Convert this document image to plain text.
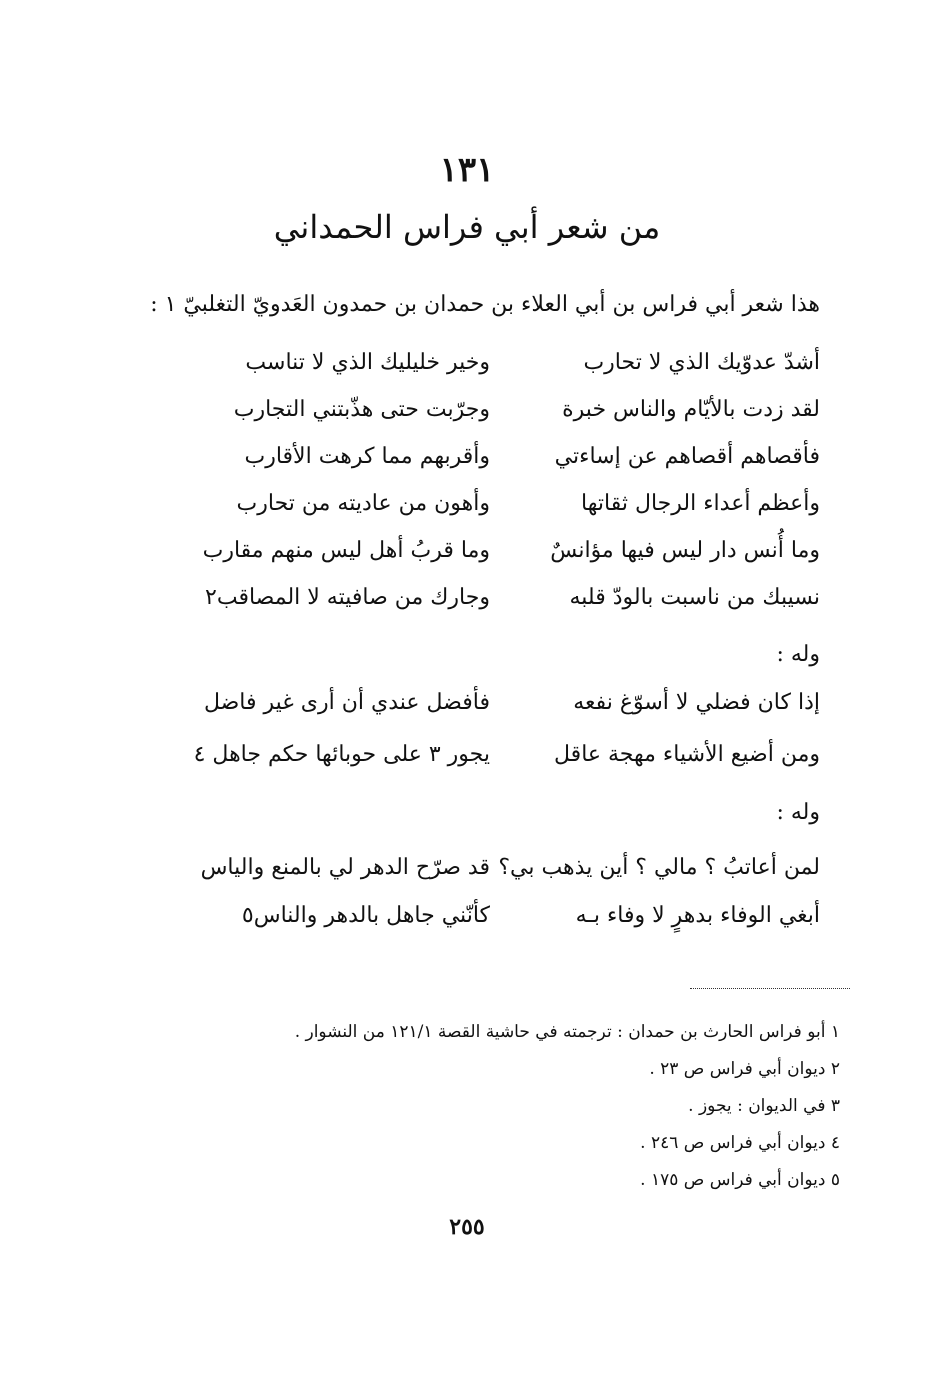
١٣١
من شعر أبي فراس الحمداني
هذا شعر أبي فراس بن أبي العلاء بن حمدان بن حمدون العَدويّ التغلبيّ ١ :
أشدّ عدوّيك الذي لا تحارب
وخير خليليك الذي لا تناسب
لقد زدت بالأيّام والناس خبرة
وجرّبت حتى هذّبتني التجارب
فأقصاهم أقصاهم عن إساءتي
وأقربهم مما كرهت الأقارب
وأعظم أعداء الرجال ثقاتها
وأهون من عاديته من تحارب
وما أُنس دار ليس فيها مؤانسٌ
وما قربُ أهل ليس منهم مقارب
نسيبك من ناسبت بالودّ قلبه
وجارك من صافيته لا المصاقب٢
وله :
إذا كان فضلي لا أسوّغ نفعه
فأفضل عندي أن أرى غير فاضل
ومن أضيع الأشياء مهجة عاقل
يجور ٣ على حوبائها حكم جاهل ٤
وله :
لمن أعاتبُ ؟ مالي ؟ أين يذهب بي؟
قد صرّح الدهر لي بالمنع والياس
أبغي الوفاء بدهرٍ لا وفاء بـه
كأنّني جاهل بالدهر والناس٥
١ أبو فراس الحارث بن حمدان : ترجمته في حاشية القصة ١٢١/١ من النشوار .
٢ ديوان أبي فراس ص ٢٣ .
٣ في الديوان : يجوز .
٤ ديوان أبي فراس ص ٢٤٦ .
٥ ديوان أبي فراس ص ١٧٥ .
٢٥٥
